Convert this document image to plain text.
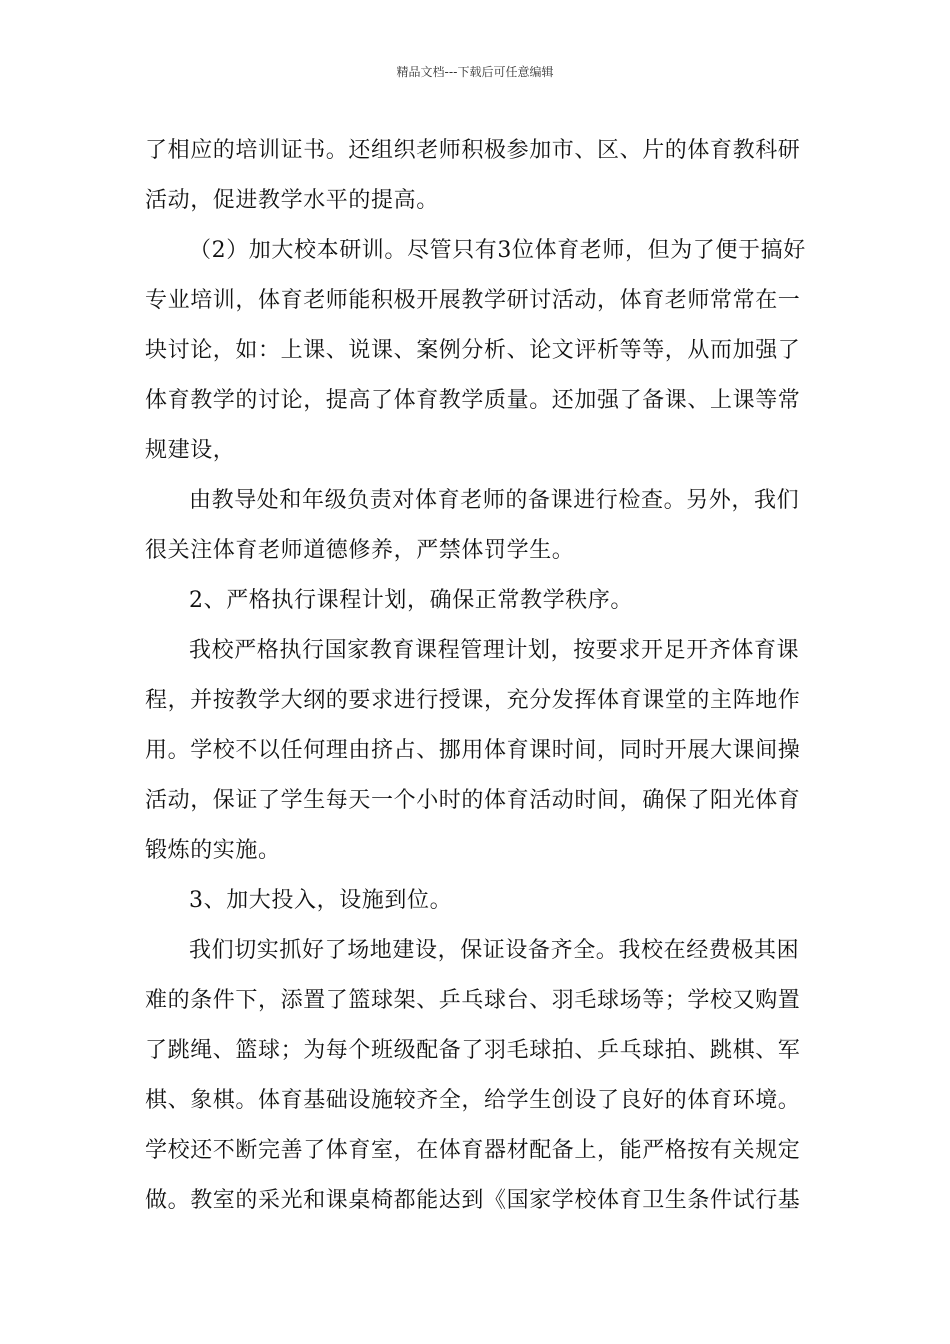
精品文档---下载后可任意编辑
了相应的培训证书。还组织老师积极参加市、区、片的体育教科研
活动，促进教学水平的提高。
（2）加大校本研训。尽管只有3位体育老师，但为了便于搞好
专业培训，体育老师能积极开展教学研讨活动，体育老师常常在一
块讨论，如：上课、说课、案例分析、论文评析等等，从而加强了
体育教学的讨论，提高了体育教学质量。还加强了备课、上课等常
规建设，
由教导处和年级负责对体育老师的备课进行检查。另外，我们
很关注体育老师道德修养，严禁体罚学生。
2、严格执行课程计划，确保正常教学秩序。
我校严格执行国家教育课程管理计划，按要求开足开齐体育课
程，并按教学大纲的要求进行授课，充分发挥体育课堂的主阵地作
用。学校不以任何理由挤占、挪用体育课时间，同时开展大课间操
活动，保证了学生每天一个小时的体育活动时间，确保了阳光体育
锻炼的实施。
3、加大投入，设施到位。
我们切实抓好了场地建设，保证设备齐全。我校在经费极其困
难的条件下，添置了篮球架、乒乓球台、羽毛球场等；学校又购置
了跳绳、篮球；为每个班级配备了羽毛球拍、乒乓球拍、跳棋、军
棋、象棋。体育基础设施较齐全，给学生创设了良好的体育环境。
学校还不断完善了体育室，在体育器材配备上，能严格按有关规定
做。教室的采光和课桌椅都能达到《国家学校体育卫生条件试行基
